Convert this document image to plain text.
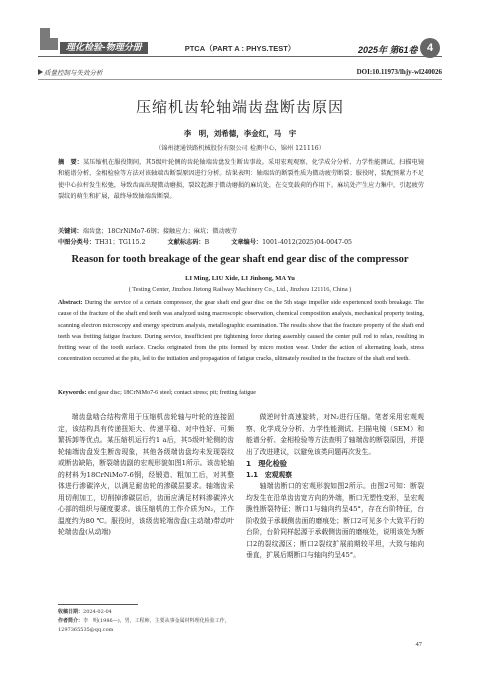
理化检验-物理分册	PTCA（PART A : PHYS.TEST）	2025年 第61卷 4
质量控制与失效分析	DOI:10.11973/lhjy-wl240026
压缩机齿轮轴端齿盘断齿原因
李　明，刘希德，李金红，马　宇
（锦州捷通铁路机械股份有限公司 检测中心，锦州 121116）
摘　要：某压缩机在服役期间，其5级叶轮侧的齿轮轴端齿盘发生断齿事故。采用宏观观察、化学成分分析、力学性能测试、扫描电镜和能谱分析、金相检验等方法对该轴端齿断裂原因进行分析。结果表明：轴端齿的断裂性质为微动疲劳断裂；服役时，装配预紧力不足使中心拉杆发生松弛，导致齿面出现微动磨损，裂纹起源于微动磨损的麻坑处，在交变载荷的作用下，麻坑处产生应力集中，引起疲劳裂纹的萌生和扩展，最终导致轴端齿断裂。
关键词：端齿盘；18CrNiMo7-6钢；接触应力；麻坑；微动疲劳
中图分类号：TH31；TG115.2	文献标志码：B	文章编号：1001-4012(2025)04-0047-05
Reason for tooth breakage of the gear shaft end gear disc of the compressor
LI Ming, LIU Xide, LI Jinhong, MA Yu
( Testing Center, Jinzhou Jietong Railway Machinery Co., Ltd., Jinzhou 121116, China )
Abstract: During the service of a certain compressor, the gear shaft end gear disc on the 5th stage impeller side experienced tooth breakage. The cause of the fracture of the shaft end teeth was analyzed using macroscopic observation, chemical composition analysis, mechanical property testing, scanning electron microscopy and energy spectrum analysis, metallographic examination. The results show that the fracture property of the shaft end teeth was fretting fatigue fracture. During service, insufficient pre tightening force during assembly caused the center pull rod to relax, resulting in fretting wear of the tooth surface. Cracks originated from the pits formed by micro motion wear. Under the action of alternating loads, stress concentration occurred at the pits, led to the initiation and propagation of fatigue cracks, ultimately resulted in the fracture of the shaft end teeth.
Keywords: end gear disc; 18CrNiMo7-6 steel; contact stress; pit; fretting fatigue
端齿盘啮合结构常用于压缩机齿轮轴与叶轮的连接固定，该结构具有传递扭矩大、传递平稳、对中性好、可频繁拆卸等优点。某压缩机运行约1 a后，其5级叶轮侧的齿轮轴端齿盘发生断齿现象，其他各级端齿盘均未发现裂纹或断齿缺陷，断裂端齿副的宏观形貌如图1所示。该齿轮轴的材料为18CrNiMo7-6钢，经锻造、粗加工后，对其整体进行渗碳淬火，以满足耐齿轮的渗碳层要求。轴端齿采用切削加工，切削掉渗碳层后，齿面应满足材料渗碳淬火心部的组织与硬度要求。该压缩机的工作介质为N₂，工作温度约为80 ℃。服役时，该级齿轮端齿盘(主动端)带动叶轮端齿盘(从动端)

做逆时针高速旋转，对N₂进行压缩。笔者采用宏观观察、化学成分分析、力学性能测试、扫描电镜（SEM）和能谱分析、金相检验等方法查明了轴端齿的断裂原因，并提出了改进建议，以避免该类问题再次发生。

1　理化检验

1.1　宏观观察

轴端齿断口的宏观形貌如图2所示。由图2可知：断裂均发生在沿单齿齿宽方向的外端，断口无塑性变形，呈宏观脆性断裂特征；断口1与轴向约呈45°，存在台阶特征，台阶收敛于承载侧齿面的磨痕处；断口2可见多个大致平行的台阶，台阶同样起源于承载侧齿面的磨痕处，说明该处为断口2的裂纹源区；断口2裂纹扩展前期较平坦，大致与轴向垂直，扩展后期断口与轴向约呈45°。

收稿日期：2024-02-04
作者简介：李　明(1986—)，男，工程师，主要从事金属材料理化检验工作，1297365535@qq.com
47
